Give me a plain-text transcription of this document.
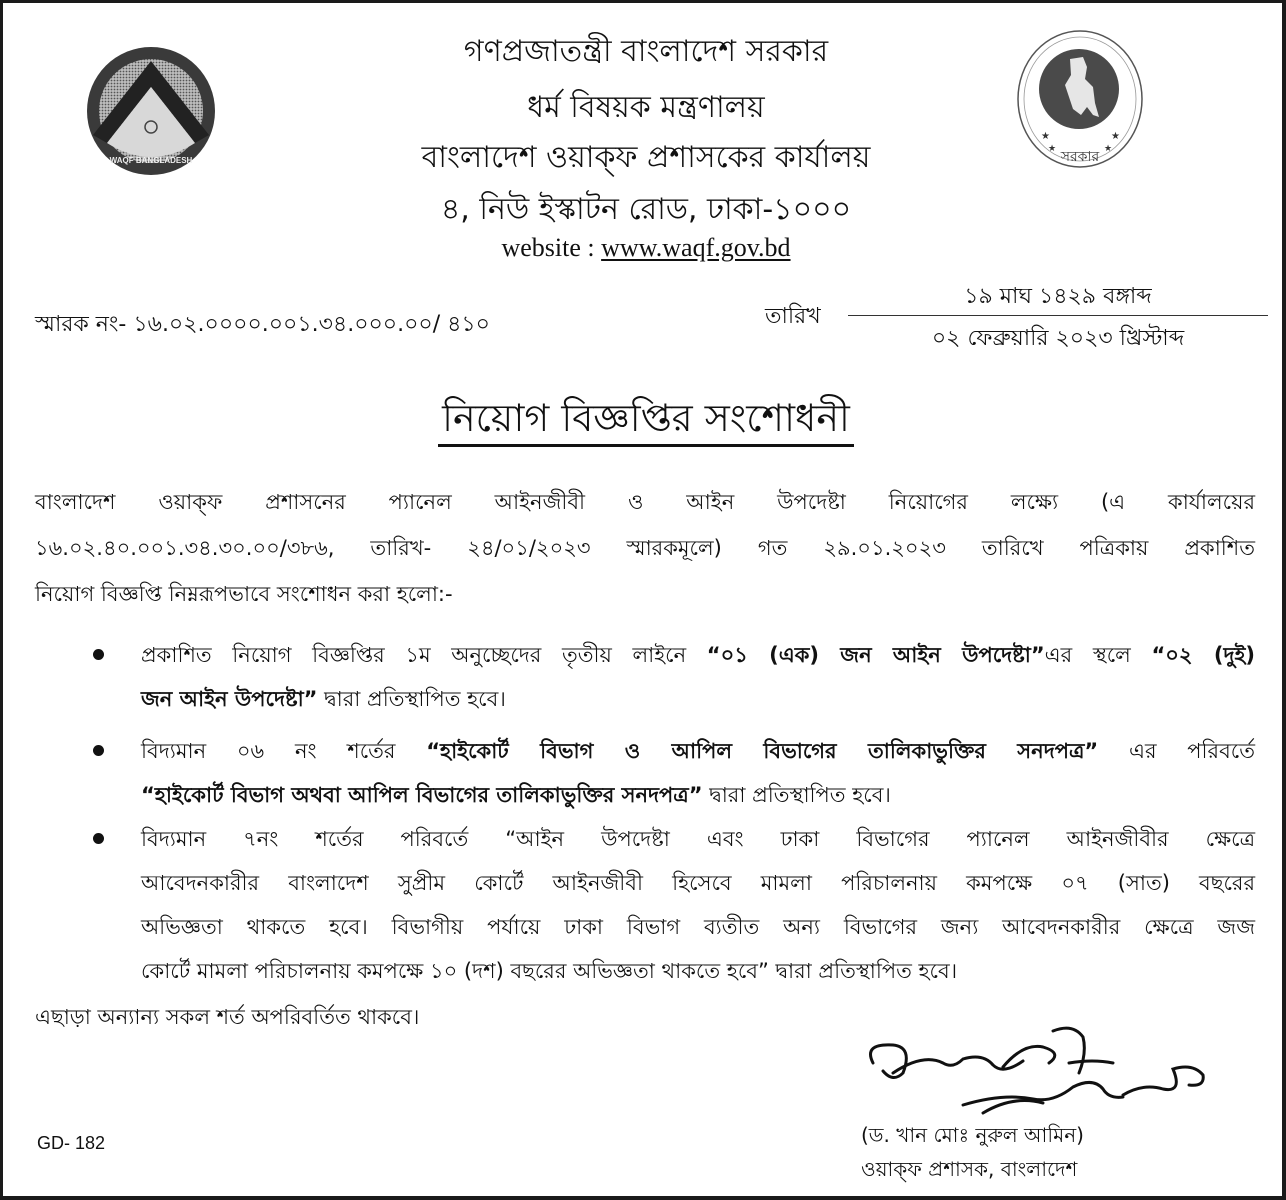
WAQF BANGLADESH
★	★
★	★
সরকার
গণপ্রজাতন্ত্রী বাংলাদেশ সরকার
ধর্ম বিষয়ক মন্ত্রণালয়
বাংলাদেশ ওয়াক্‌ফ প্রশাসকের কার্যালয়
৪, নিউ ইস্কাটন রোড, ঢাকা-১০০০
website : www.waqf.gov.bd
স্মারক নং- ১৬.০২.০০০০.০০১.৩৪.০০০.০০/ ৪১০	তারিখ
১৯ মাঘ ১৪২৯ বঙ্গাব্দ
০২ ফেব্রুয়ারি ২০২৩ খ্রিস্টাব্দ
নিয়োগ বিজ্ঞপ্তির সংশোধনী
বাংলাদেশ ওয়াক্‌ফ প্রশাসনের প্যানেল আইনজীবী ও আইন উপদেষ্টা নিয়োগের লক্ষ্যে (এ কার্যালয়ের
১৬.০২.৪০.০০১.৩৪.৩০.০০/৩৮৬, তারিখ- ২৪/০১/২০২৩ স্মারকমূলে) গত ২৯.০১.২০২৩ তারিখে পত্রিকায় প্রকাশিত
নিয়োগ বিজ্ঞপ্তি নিম্নরূপভাবে সংশোধন করা হলো:-
প্রকাশিত নিয়োগ বিজ্ঞপ্তির ১ম অনুচ্ছেদের তৃতীয় লাইনে “০১ (এক) জন আইন উপদেষ্টা”এর স্থলে “০২ (দুই)
জন আইন উপদেষ্টা” দ্বারা প্রতিস্থাপিত হবে।
বিদ্যমান ০৬ নং শর্তের “হাইকোর্ট বিভাগ ও আপিল বিভাগের তালিকাভুক্তির সনদপত্র” এর পরিবর্তে
“হাইকোর্ট বিভাগ অথবা আপিল বিভাগের তালিকাভুক্তির সনদপত্র” দ্বারা প্রতিস্থাপিত হবে।
বিদ্যমান ৭নং শর্তের পরিবর্তে “আইন উপদেষ্টা এবং ঢাকা বিভাগের প্যানেল আইনজীবীর ক্ষেত্রে
আবেদনকারীর বাংলাদেশ সুপ্রীম কোর্টে আইনজীবী হিসেবে মামলা পরিচালনায় কমপক্ষে ০৭ (সাত) বছরের
অভিজ্ঞতা থাকতে হবে। বিভাগীয় পর্যায়ে ঢাকা বিভাগ ব্যতীত অন্য বিভাগের জন্য আবেদনকারীর ক্ষেত্রে জজ
কোর্টে মামলা পরিচালনায় কমপক্ষে ১০ (দশ) বছরের অভিজ্ঞতা থাকতে হবে” দ্বারা প্রতিস্থাপিত হবে।
এছাড়া অন্যান্য সকল শর্ত অপরিবর্তিত থাকবে।
(ড. খান মোঃ নুরুল আমিন)
ওয়াক্‌ফ প্রশাসক, বাংলাদেশ
GD- 182
